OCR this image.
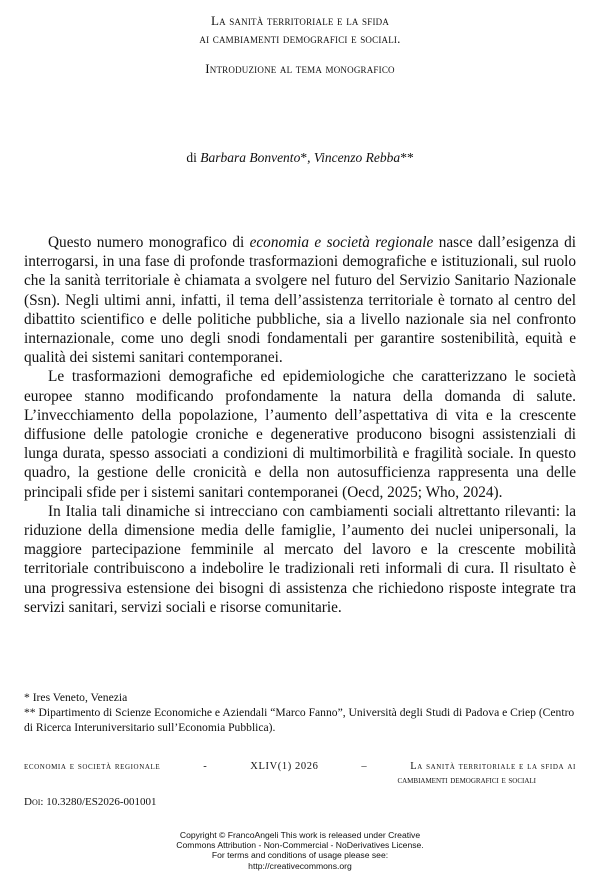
La sanità territoriale e la sfida
ai cambiamenti demografici e sociali.
Introduzione al tema monografico
di Barbara Bonvento*, Vincenzo Rebba**

Questo numero monografico di economia e società regionale nasce dall’esigenza di interrogarsi, in una fase di profonde trasformazioni demografiche e istituzionali, sul ruolo che la sanità territoriale è chiamata a svolgere nel futuro del Servizio Sanitario Nazionale (Ssn). Negli ultimi anni, infatti, il tema dell’assistenza territoriale è tornato al centro del dibattito scientifico e delle politiche pubbliche, sia a livello nazionale sia nel confronto internazionale, come uno degli snodi fondamentali per garantire sostenibilità, equità e qualità dei sistemi sanitari contemporanei.

Le trasformazioni demografiche ed epidemiologiche che caratterizzano le società europee stanno modificando profondamente la natura della domanda di salute. L’invecchiamento della popolazione, l’aumento dell’aspettativa di vita e la crescente diffusione delle patologie croniche e degenerative producono bisogni assistenziali di lunga durata, spesso associati a condizioni di multimorbilità e fragilità sociale. In questo quadro, la gestione delle cronicità e della non autosufficienza rappresenta una delle principali sfide per i sistemi sanitari contemporanei (Oecd, 2025; Who, 2024).

In Italia tali dinamiche si intrecciano con cambiamenti sociali altrettanto rilevanti: la riduzione della dimensione media delle famiglie, l’aumento dei nuclei unipersonali, la maggiore partecipazione femminile al mercato del lavoro e la crescente mobilità territoriale contribuiscono a indebolire le tradizionali reti informali di cura. Il risultato è una progressiva estensione dei bisogni di assistenza che richiedono risposte integrate tra servizi sanitari, servizi sociali e risorse comunitarie.

* Ires Veneto, Venezia

** Dipartimento di Scienze Economiche e Aziendali “Marco Fanno”, Università degli Studi di Padova e Criep (Centro di Ricerca Interuniversitario sull’Economia Pubblica).

economia e società regionale	-	XLIV(1) 2026	–	La sanità territoriale e la sfida ai
cambiamenti demografici e sociali
Doi: 10.3280/ES2026-001001
Copyright © FrancoAngeli This work is released under Creative
Commons Attribution - Non-Commercial - NoDerivatives License.
For terms and conditions of usage please see:
http://creativecommons.org
